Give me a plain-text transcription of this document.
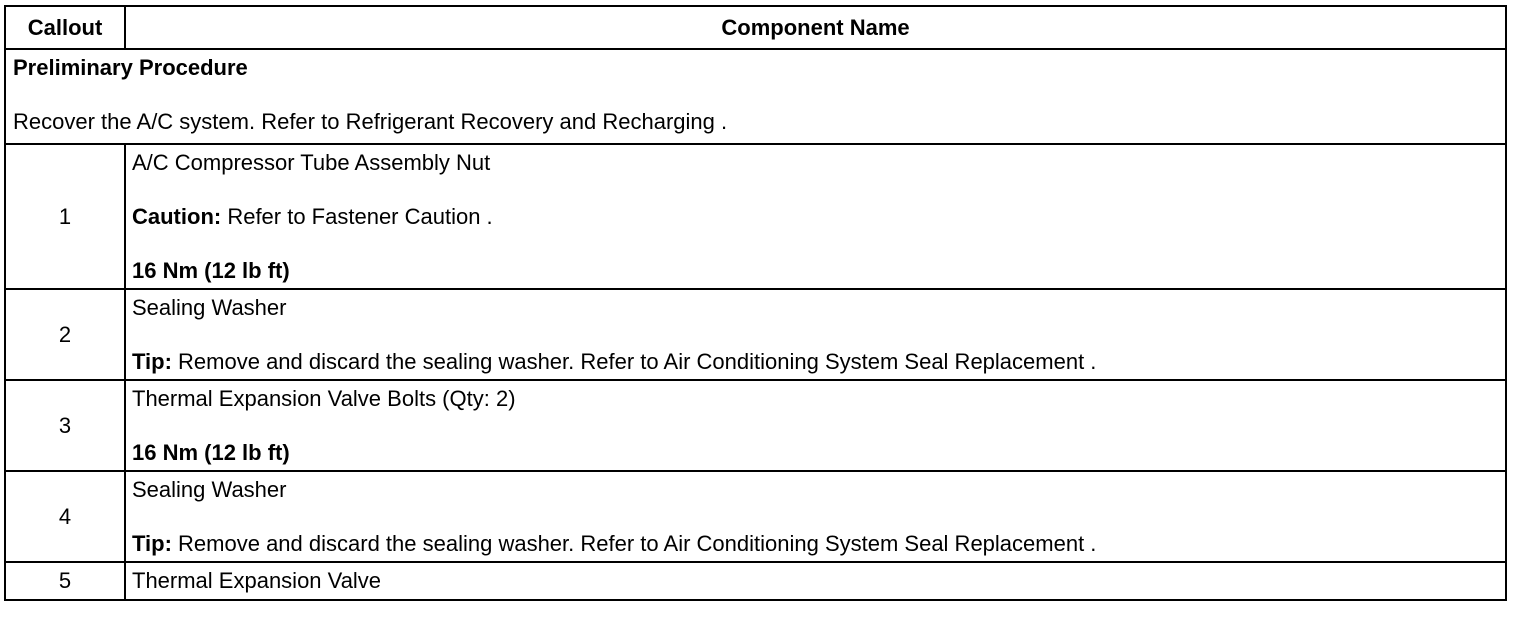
Callout	Component Name

Preliminary Procedure
Recover the A/C system. Refer to Refrigerant Recovery and Recharging .	

1	A/C Compressor Tube Assembly Nut
Caution: Refer to Fastener Caution .
16 Nm (12 lb ft)

2	Sealing Washer
Tip: Remove and discard the sealing washer. Refer to Air Conditioning System Seal Replacement .

3	Thermal Expansion Valve Bolts (Qty: 2)
16 Nm (12 lb ft)

4	Sealing Washer
Tip: Remove and discard the sealing washer. Refer to Air Conditioning System Seal Replacement .

5	Thermal Expansion Valve
